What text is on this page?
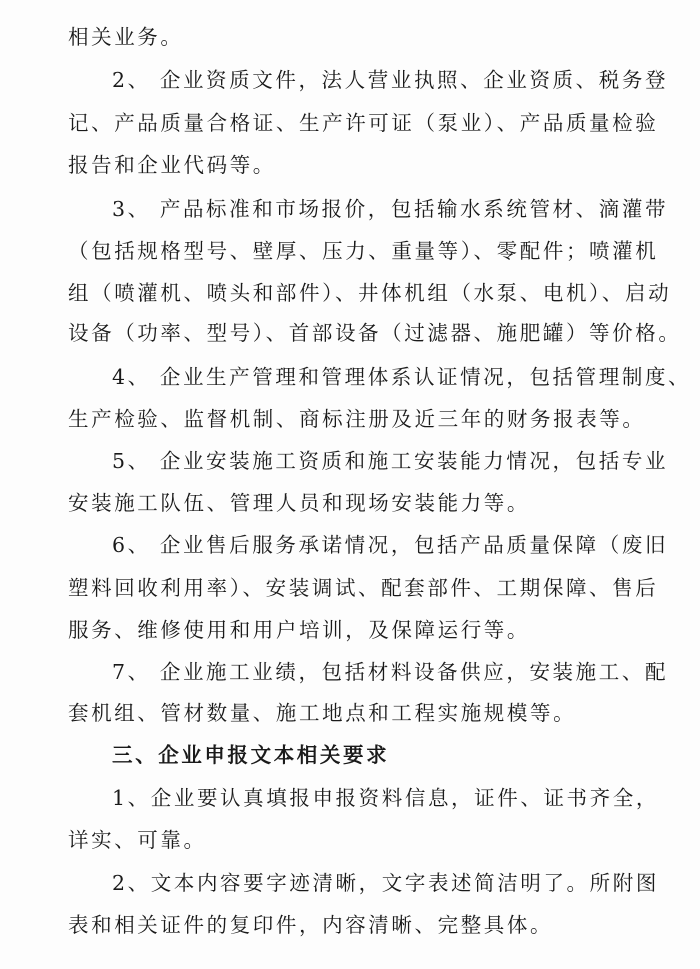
相关业务。
2、 企业资质文件，法人营业执照、企业资质、税务登
记、产品质量合格证、生产许可证（泵业）、产品质量检验
报告和企业代码等。
3、 产品标准和市场报价，包括输水系统管材、滴灌带
（包括规格型号、壁厚、压力、重量等）、零配件；喷灌机
组（喷灌机、喷头和部件）、井体机组（水泵、电机）、启动
设备（功率、型号）、首部设备（过滤器、施肥罐）等价格。
4、 企业生产管理和管理体系认证情况，包括管理制度、
生产检验、监督机制、商标注册及近三年的财务报表等。
5、 企业安装施工资质和施工安装能力情况，包括专业
安装施工队伍、管理人员和现场安装能力等。
6、 企业售后服务承诺情况，包括产品质量保障（废旧
塑料回收利用率）、安装调试、配套部件、工期保障、售后
服务、维修使用和用户培训，及保障运行等。
7、 企业施工业绩，包括材料设备供应，安装施工、配
套机组、管材数量、施工地点和工程实施规模等。
三、企业申报文本相关要求
1、企业要认真填报申报资料信息，证件、证书齐全，
详实、可靠。
2、文本内容要字迹清晰，文字表述简洁明了。所附图
表和相关证件的复印件，内容清晰、完整具体。
